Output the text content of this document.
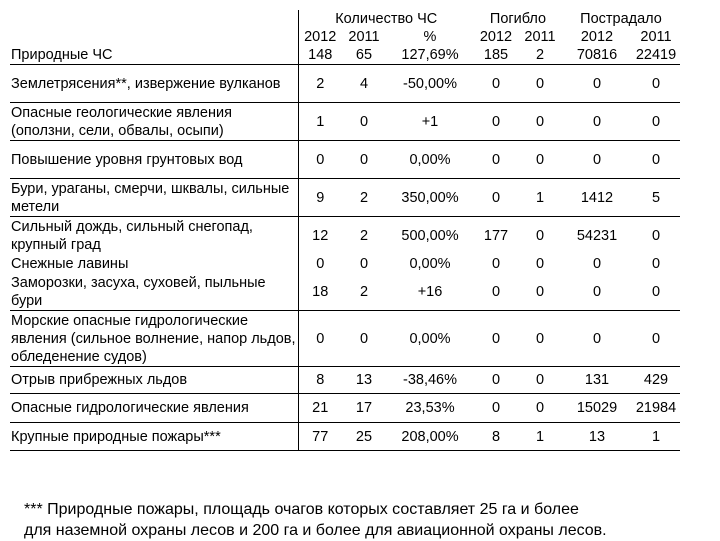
	Количество ЧС			Погибло		Пострадало	
	2012	2011	%	2012	2011	2012	2011
Природные ЧС	148	65	127,69%	185	2	70816	22419
Землетрясения**, извержение вулканов	2	4	-50,00%	0	0	0	0
Опасные геологические явления (оползни, сели, обвалы, осыпи)	1	0	+1	0	0	0	0
Повышение уровня грунтовых вод	0	0	0,00%	0	0	0	0
Бури, ураганы, смерчи, шквалы, сильные метели	9	2	350,00%	0	1	1412	5
Сильный дождь, сильный снегопад, крупный град	12	2	500,00%	177	0	54231	0
Снежные лавины	0	0	0,00%	0	0	0	0
Заморозки, засуха, суховей, пыльные бури	18	2	+16	0	0	0	0
Морские опасные гидрологические явления (сильное волнение, напор льдов, обледенение судов)	0	0	0,00%	0	0	0	0
Отрыв прибрежных льдов	8	13	-38,46%	0	0	131	429
Опасные гидрологические явления	21	17	23,53%	0	0	15029	21984
Крупные природные пожары***	77	25	208,00%	8	1	13	1
*** Природные пожары, площадь очагов которых составляет 25 га и более
для наземной охраны лесов и 200 га и более для авиационной охраны лесов.
